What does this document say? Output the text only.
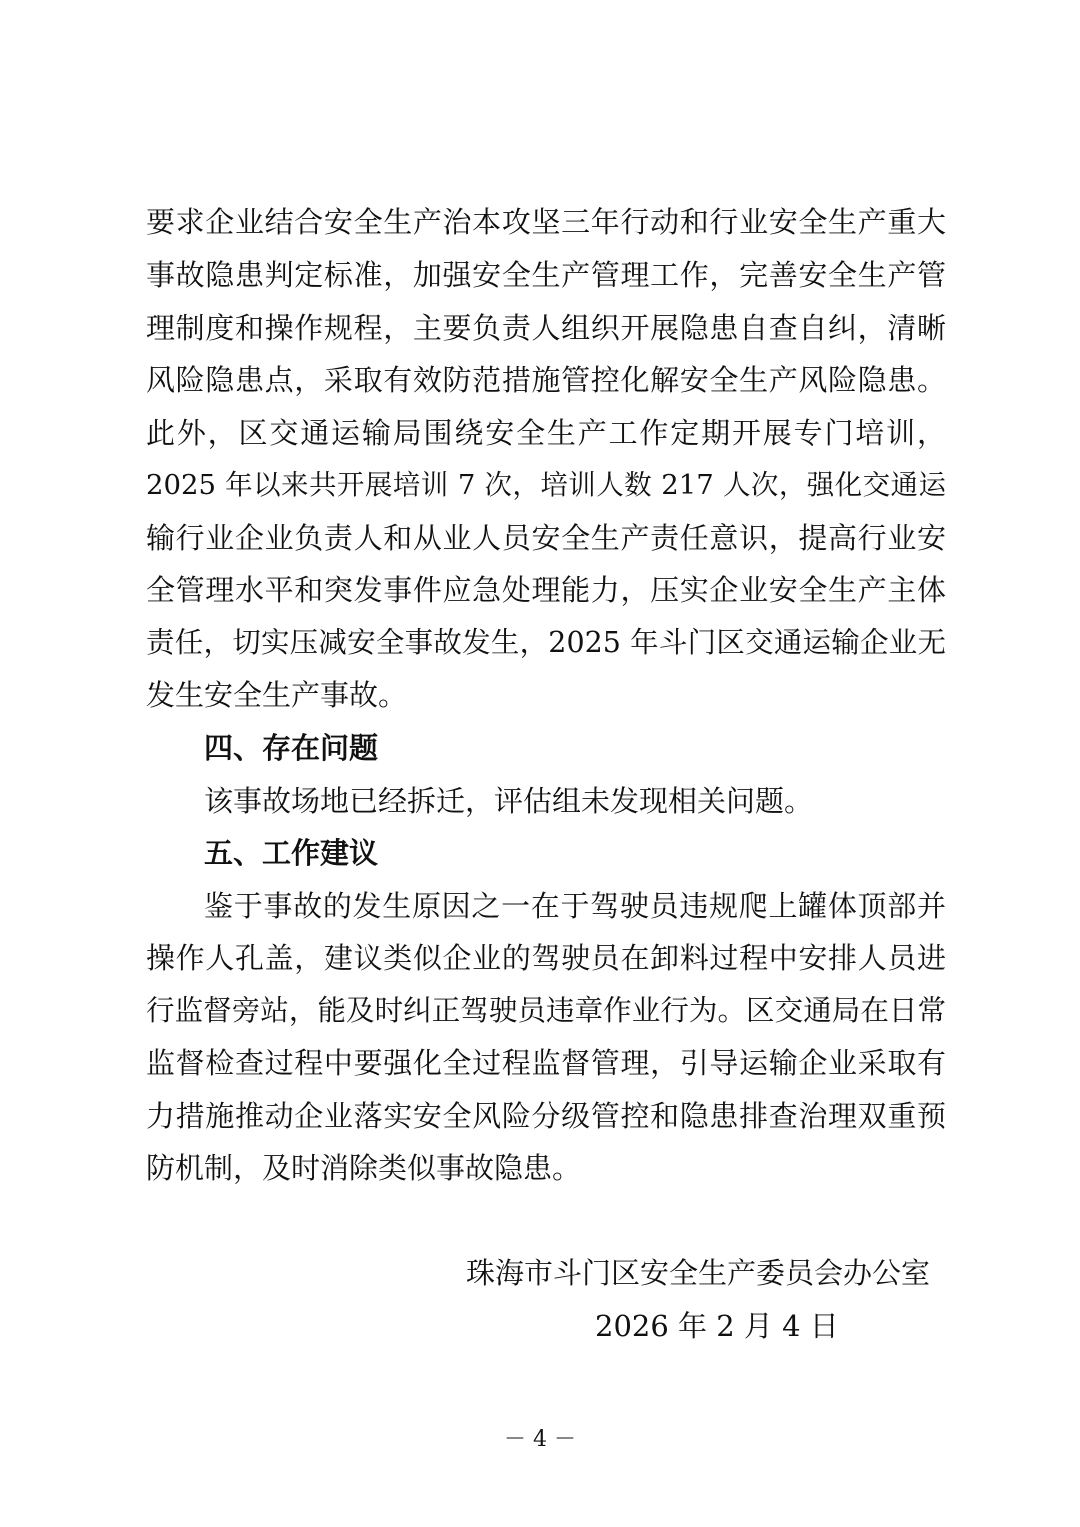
要求企业结合安全生产治本攻坚三年行动和行业安全生产重大
事故隐患判定标准，加强安全生产管理工作，完善安全生产管
理制度和操作规程，主要负责人组织开展隐患自查自纠，清晰
风险隐患点，采取有效防范措施管控化解安全生产风险隐患。
此外，区交通运输局围绕安全生产工作定期开展专门培训，
2025 年以来共开展培训 7 次，培训人数 217 人次，强化交通运
输行业企业负责人和从业人员安全生产责任意识，提高行业安
全管理水平和突发事件应急处理能力，压实企业安全生产主体
责任，切实压减安全事故发生，2025 年斗门区交通运输企业无
发生安全生产事故。
四、存在问题
该事故场地已经拆迁，评估组未发现相关问题。
五、工作建议
鉴于事故的发生原因之一在于驾驶员违规爬上罐体顶部并
操作人孔盖，建议类似企业的驾驶员在卸料过程中安排人员进
行监督旁站，能及时纠正驾驶员违章作业行为。区交通局在日常
监督检查过程中要强化全过程监督管理，引导运输企业采取有
力措施推动企业落实安全风险分级管控和隐患排查治理双重预
防机制，及时消除类似事故隐患。
珠海市斗门区安全生产委员会办公室
2026 年 2 月 4 日
－ 4 －
